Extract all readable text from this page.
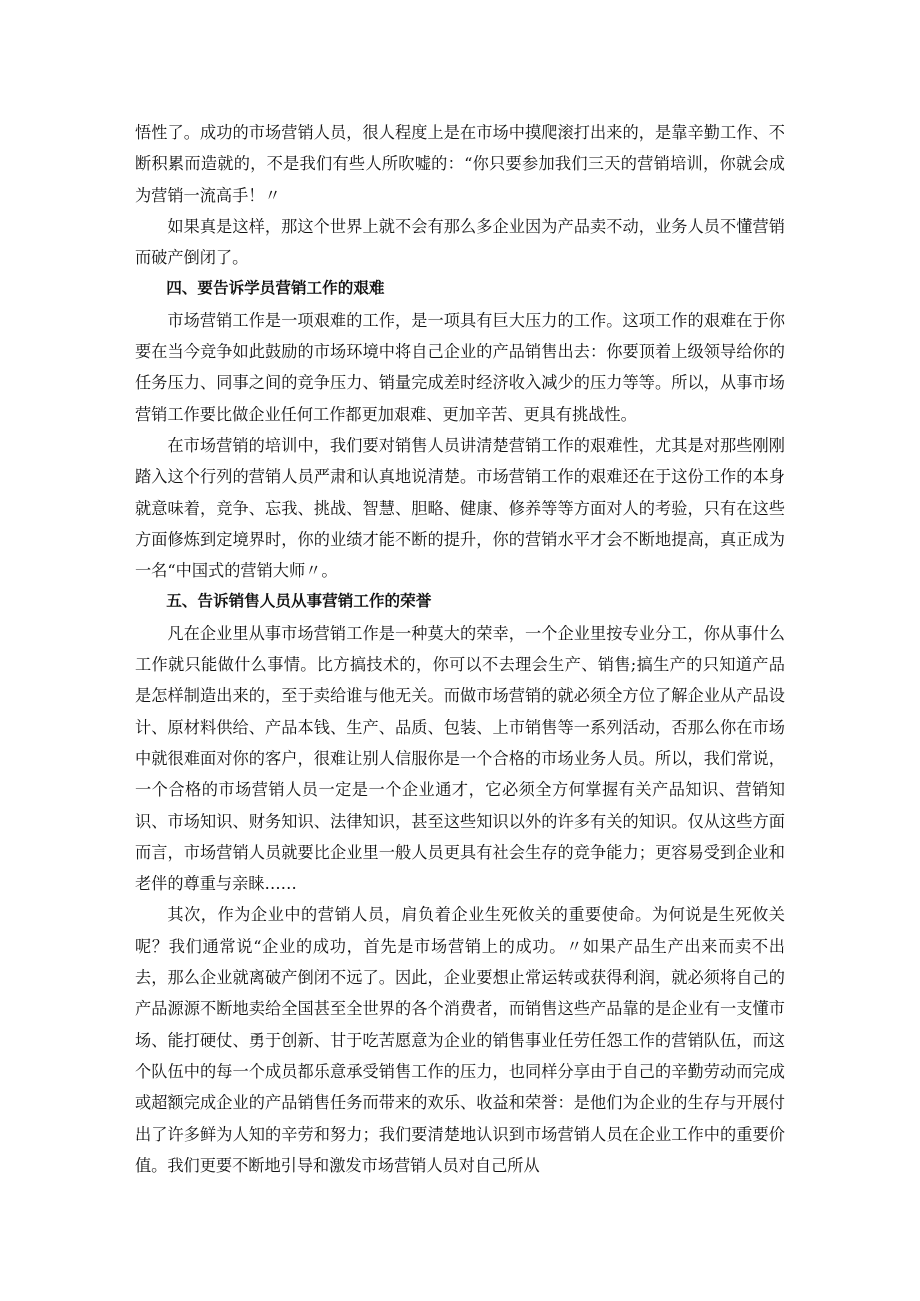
悟性了。成功的市场营销人员，很人程度上是在市场中摸爬滚打出来的，是靠辛勤工作、不断积累而造就的，不是我们有些人所吹嘘的：“你只要参加我们三天的营销培训，你就会成为营销一流高手！〃

如果真是这样，那这个世界上就不会有那么多企业因为产品卖不动，业务人员不懂营销而破产倒闭了。

四、要告诉学员营销工作的艰难

市场营销工作是一项艰难的工作，是一项具有巨大压力的工作。这项工作的艰难在于你要在当今竞争如此鼓励的市场环境中将自己企业的产品销售出去：你要顶着上级领导给你的任务压力、同事之间的竞争压力、销量完成差时经济收入减少的压力等等。所以，从事市场营销工作要比做企业任何工作都更加艰难、更加辛苦、更具有挑战性。

在市场营销的培训中，我们要对销售人员讲清楚营销工作的艰难性，尤其是对那些刚刚踏入这个行列的营销人员严肃和认真地说清楚。市场营销工作的艰难还在于这份工作的本身就意味着，竞争、忘我、挑战、智慧、胆略、健康、修养等等方面对人的考验，只有在这些方面修炼到定境界时，你的业绩才能不断的提升，你的营销水平才会不断地提高，真正成为一名“中国式的营销大师〃。

五、告诉销售人员从事营销工作的荣誉

凡在企业里从事市场营销工作是一种莫大的荣幸，一个企业里按专业分工，你从事什么工作就只能做什么事情。比方搞技术的，你可以不去理会生产、销售;搞生产的只知道产品是怎样制造出来的，至于卖给谁与他无关。而做市场营销的就必须全方位了解企业从产品设计、原材料供给、产品本钱、生产、品质、包装、上市销售等一系列活动，否那么你在市场中就很难面对你的客户，很难让别人信服你是一个合格的市场业务人员。所以，我们常说，一个合格的市场营销人员一定是一个企业通才，它必须全方何掌握有关产品知识、营销知识、市场知识、财务知识、法律知识，甚至这些知识以外的许多有关的知识。仅从这些方面而言，市场营销人员就要比企业里一般人员更具有社会生存的竞争能力；更容易受到企业和老伴的尊重与亲睐……

其次，作为企业中的营销人员，肩负着企业生死攸关的重要使命。为何说是生死攸关呢？我们通常说“企业的成功，首先是市场营销上的成功。〃如果产品生产出来而卖不出去，那么企业就离破产倒闭不远了。因此，企业要想止常运转或获得利润，就必须将自己的产品源源不断地卖给全国甚至全世界的各个消费者，而销售这些产品靠的是企业有一支懂市场、能打硬仗、勇于创新、甘于吃苦愿意为企业的销售事业任劳任怨工作的营销队伍，而这个队伍中的每一个成员都乐意承受销售工作的压力，也同样分享由于自己的辛勤劳动而完成或超额完成企业的产品销售任务而带来的欢乐、收益和荣誉：是他们为企业的生存与开展付出了许多鲜为人知的辛劳和努力；我们要清楚地认识到市场营销人员在企业工作中的重要价值。我们更要不断地引导和激发市场营销人员对自己所从
